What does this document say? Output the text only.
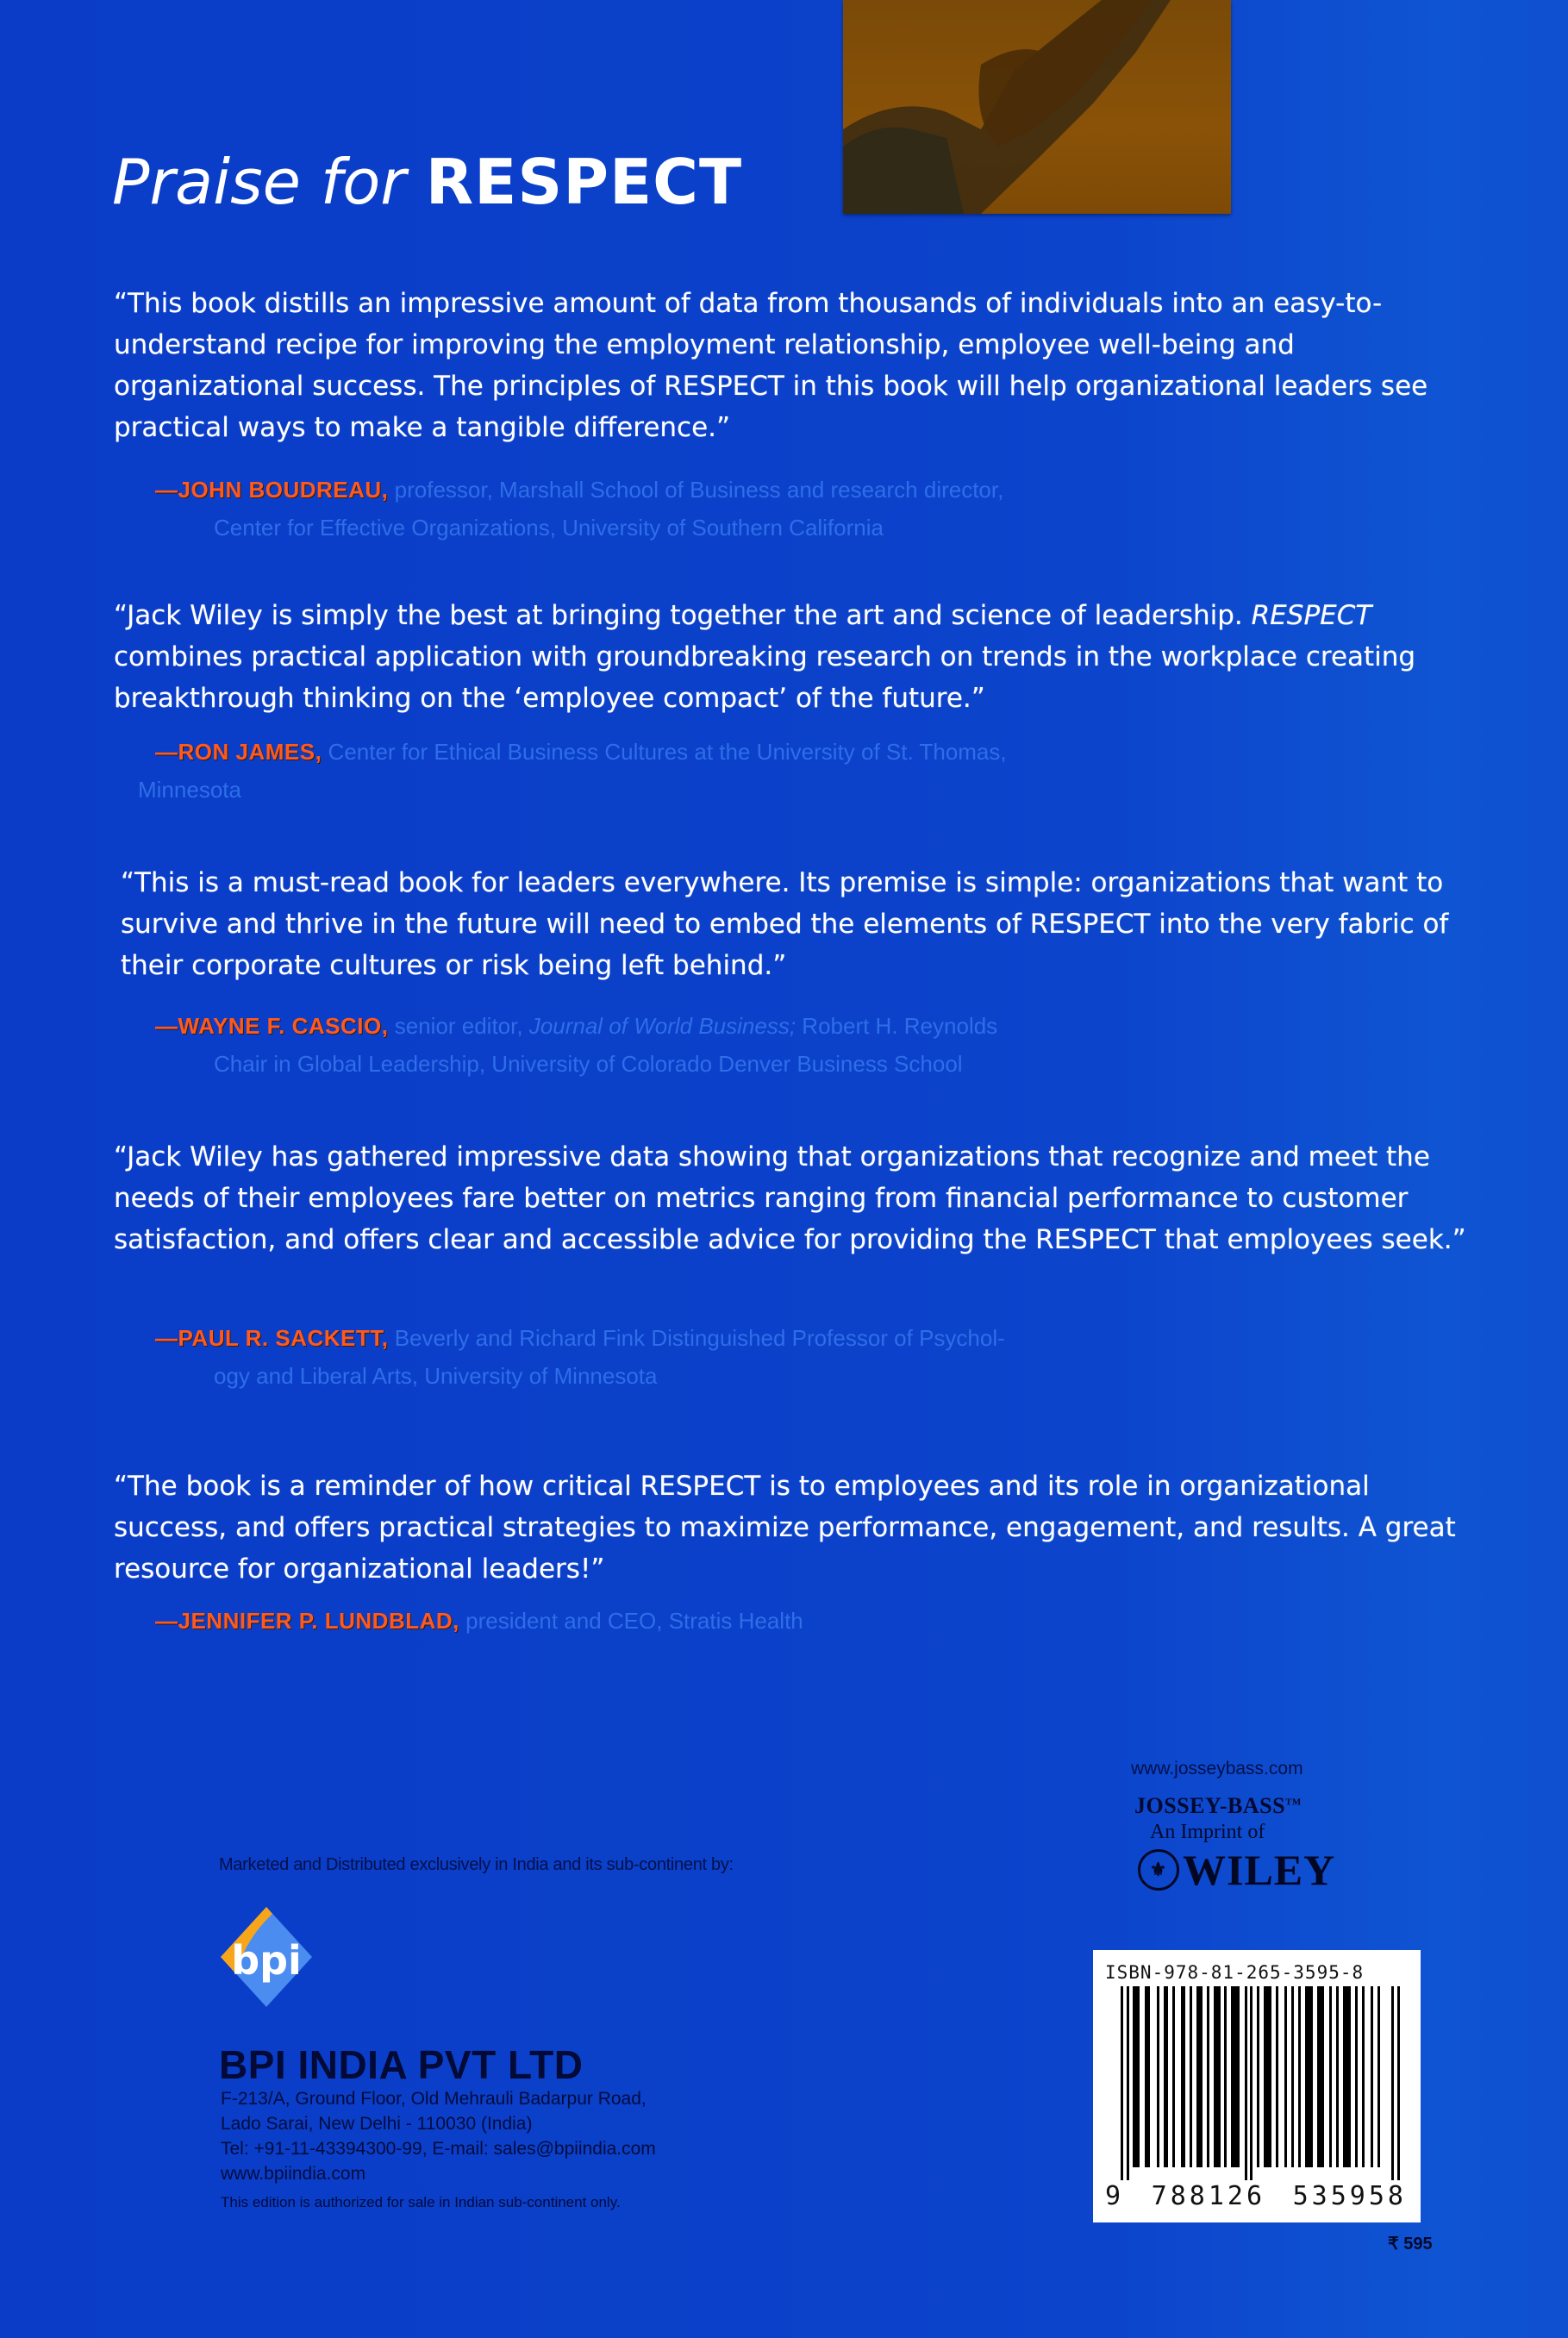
Praise for RESPECT
“This book distills an impressive amount of data from thousands of individuals into an easy-to-understand recipe for improving the employment relationship, employee well-being and organizational success. The principles of RESPECT in this book will help organizational leaders see practical ways to make a tangible difference.”
—JOHN BOUDREAU, professor, Marshall School of Business and research director,
Center for Effective Organizations, University of Southern California
“Jack Wiley is simply the best at bringing together the art and science of leadership. RESPECT combines practical application with groundbreaking research on trends in the workplace creating breakthrough thinking on the ‘employee compact’ of the future.”
—RON JAMES, Center for Ethical Business Cultures at the University of St. Thomas,
Minnesota
“This is a must-read book for leaders everywhere. Its premise is simple: organizations that want to survive and thrive in the future will need to embed the elements of RESPECT into the very fabric of their corporate cultures or risk being left behind.”
—WAYNE F. CASCIO, senior editor, Journal of World Business; Robert H. Reynolds
Chair in Global Leadership, University of Colorado Denver Business School
“Jack Wiley has gathered impressive data showing that organizations that recognize and meet the needs of their employees fare better on metrics ranging from financial performance to customer satisfaction, and offers clear and accessible advice for providing the RESPECT that employees seek.”
—PAUL R. SACKETT, Beverly and Richard Fink Distinguished Professor of Psychol-
ogy and Liberal Arts, University of Minnesota
“The book is a reminder of how critical RESPECT is to employees and its role in organizational success, and offers practical strategies to maximize performance, engagement, and results. A great resource for organizational leaders!”
—JENNIFER P. LUNDBLAD, president and CEO, Stratis Health
Marketed and Distributed exclusively in India and its sub-continent by:
bpi
BPI INDIA PVT LTD
F-213/A, Ground Floor, Old Mehrauli Badarpur Road,
Lado Sarai, New Delhi - 110030 (India)
Tel: +91-11-43394300-99, E-mail: sales@bpiindia.com
www.bpiindia.com
This edition is authorized for sale in Indian sub-continent only.
www.josseybass.com
JOSSEY-BASS™
An Imprint of
⚜ WILEY
ISBN-978-81-265-3595-8
9 788126 535958
₹ 595
